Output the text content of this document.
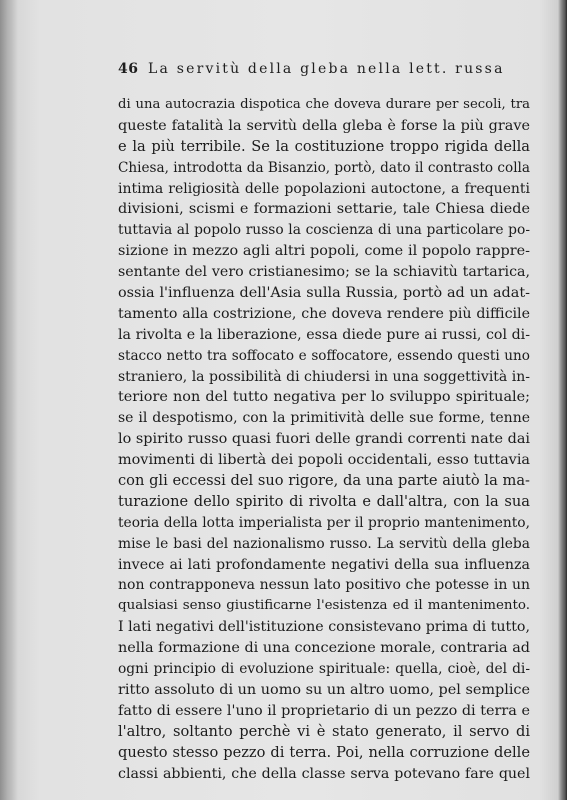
46 La servitù della gleba nella lett. russa
di una autocrazia dispotica che doveva durare per secoli, tra
queste fatalità la servitù della gleba è forse la più grave
e la più terribile. Se la costituzione troppo rigida della
Chiesa, introdotta da Bisanzio, portò, dato il contrasto colla
intima religiosità delle popolazioni autoctone, a frequenti
divisioni, scismi e formazioni settarie, tale Chiesa diede
tuttavia al popolo russo la coscienza di una particolare po-
sizione in mezzo agli altri popoli, come il popolo rappre-
sentante del vero cristianesimo; se la schiavitù tartarica,
ossia l'influenza dell'Asia sulla Russia, portò ad un adat-
tamento alla costrizione, che doveva rendere più difficile
la rivolta e la liberazione, essa diede pure ai russi, col di-
stacco netto tra soffocato e soffocatore, essendo questi uno
straniero, la possibilità di chiudersi in una soggettività in-
teriore non del tutto negativa per lo sviluppo spirituale;
se il despotismo, con la primitività delle sue forme, tenne
lo spirito russo quasi fuori delle grandi correnti nate dai
movimenti di libertà dei popoli occidentali, esso tuttavia
con gli eccessi del suo rigore, da una parte aiutò la ma-
turazione dello spirito di rivolta e dall'altra, con la sua
teoria della lotta imperialista per il proprio mantenimento,
mise le basi del nazionalismo russo. La servitù della gleba
invece ai lati profondamente negativi della sua influenza
non contrapponeva nessun lato positivo che potesse in un
qualsiasi senso giustificarne l'esistenza ed il mantenimento.
I lati negativi dell'istituzione consistevano prima di tutto,
nella formazione di una concezione morale, contraria ad
ogni principio di evoluzione spirituale: quella, cioè, del di-
ritto assoluto di un uomo su un altro uomo, pel semplice
fatto di essere l'uno il proprietario di un pezzo di terra e
l'altro, soltanto perchè vi è stato generato, il servo di
questo stesso pezzo di terra. Poi, nella corruzione delle
classi abbienti, che della classe serva potevano fare quel
